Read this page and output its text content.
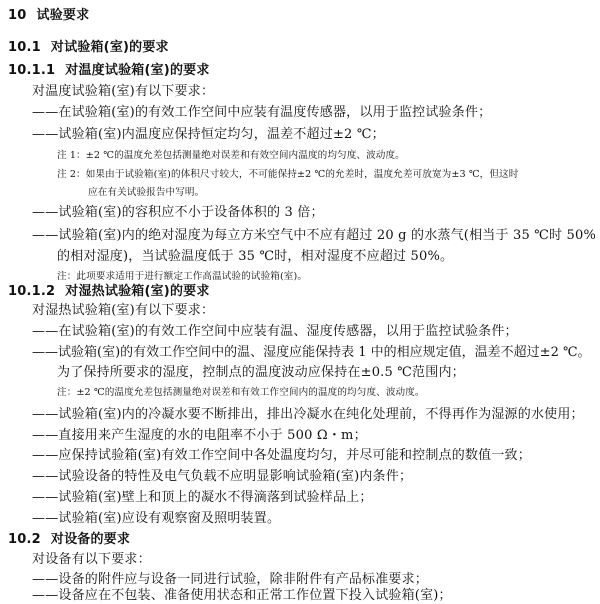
10 试验要求
10.1 对试验箱(室)的要求
10.1.1 对温度试验箱(室)的要求
对温度试验箱(室)有以下要求：
——在试验箱(室)的有效工作空间中应装有温度传感器，以用于监控试验条件；
——试验箱(室)内温度应保持恒定均匀，温差不超过±2 ℃；
注 1：±2 ℃的温度允差包括测量绝对误差和有效空间内温度的均匀度、波动度。
注 2：如果由于试验箱(室)的体积尺寸较大，不可能保持±2 ℃的允差时，温度允差可放宽为±3 ℃，但这时
应在有关试验报告中写明。
——试验箱(室)的容积应不小于设备体积的 3 倍；
——试验箱(室)内的绝对湿度为每立方米空气中不应有超过 20 g 的水蒸气(相当于 35 ℃时 50%
的相对湿度)，当试验温度低于 35 ℃时，相对湿度不应超过 50%。
注：此项要求适用于进行额定工作高温试验的试验箱(室)。
10.1.2 对湿热试验箱(室)的要求
对湿热试验箱(室)有以下要求：
——在试验箱(室)的有效工作空间中应装有温、湿度传感器，以用于监控试验条件；
——试验箱(室)的有效工作空间中的温、湿度应能保持表 1 中的相应规定值，温差不超过±2 ℃。
为了保持所要求的湿度，控制点的温度波动应保持在±0.5 ℃范围内；
注：±2 ℃的温度允差包括测量绝对误差和有效工作空间内的温度的均匀度、波动度。
——试验箱(室)内的冷凝水要不断排出，排出冷凝水在纯化处理前，不得再作为湿源的水使用；
——直接用来产生湿度的水的电阻率不小于 500 Ω・m；
——应保持试验箱(室)有效工作空间中各处温度均匀，并尽可能和控制点的数值一致；
——试验设备的特性及电气负载不应明显影响试验箱(室)内条件；
——试验箱(室)壁上和顶上的凝水不得滴落到试验样品上；
——试验箱(室)应设有观察窗及照明装置。
10.2 对设备的要求
对设备有以下要求：
——设备的附件应与设备一同进行试验，除非附件有产品标准要求；
——设备应在不包装、准备使用状态和正常工作位置下投入试验箱(室)；
